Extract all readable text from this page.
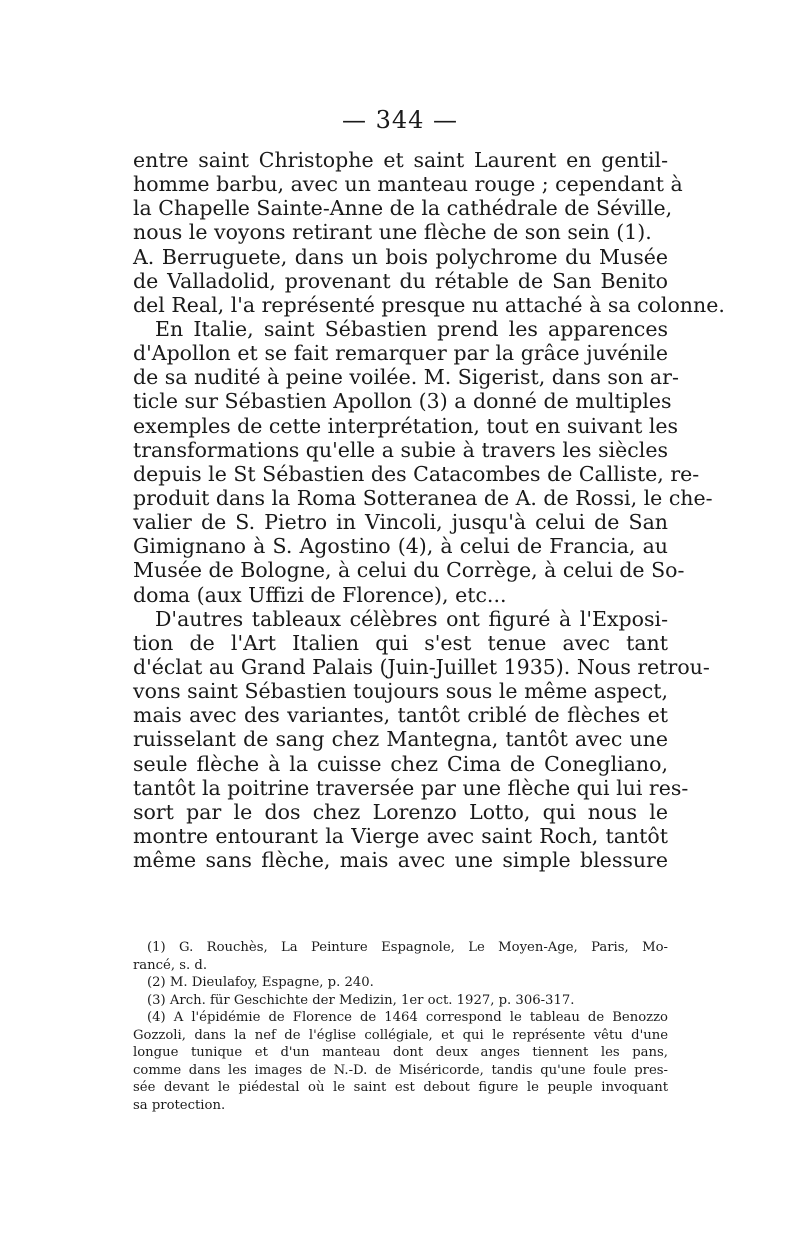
— 344 —
entre saint Christophe et saint Laurent en gentil-
homme barbu, avec un manteau rouge ; cependant à
la Chapelle Sainte-Anne de la cathédrale de Séville,
nous le voyons retirant une flèche de son sein (1).
A. Berruguete, dans un bois polychrome du Musée
de Valladolid, provenant du rétable de San Benito
del Real, l'a représenté presque nu attaché à sa colonne.
En Italie, saint Sébastien prend les apparences
d'Apollon et se fait remarquer par la grâce juvénile
de sa nudité à peine voilée. M. Sigerist, dans son ar-
ticle sur Sébastien Apollon (3) a donné de multiples
exemples de cette interprétation, tout en suivant les
transformations qu'elle a subie à travers les siècles
depuis le St Sébastien des Catacombes de Calliste, re-
produit dans la Roma Sotteranea de A. de Rossi, le che-
valier de S. Pietro in Vincoli, jusqu'à celui de San
Gimignano à S. Agostino (4), à celui de Francia, au
Musée de Bologne, à celui du Corrège, à celui de So-
doma (aux Uffizi de Florence), etc...
D'autres tableaux célèbres ont figuré à l'Exposi-
tion de l'Art Italien qui s'est tenue avec tant
d'éclat au Grand Palais (Juin-Juillet 1935). Nous retrou-
vons saint Sébastien toujours sous le même aspect,
mais avec des variantes, tantôt criblé de flèches et
ruisselant de sang chez Mantegna, tantôt avec une
seule flèche à la cuisse chez Cima de Conegliano,
tantôt la poitrine traversée par une flèche qui lui res-
sort par le dos chez Lorenzo Lotto, qui nous le
montre entourant la Vierge avec saint Roch, tantôt
même sans flèche, mais avec une simple blessure
(1) G. Rouchès, La Peinture Espagnole, Le Moyen-Age, Paris, Mo-
rancé, s. d.
(2) M. Dieulafoy, Espagne, p. 240.
(3) Arch. für Geschichte der Medizin, 1er oct. 1927, p. 306-317.
(4) A l'épidémie de Florence de 1464 correspond le tableau de Benozzo
Gozzoli, dans la nef de l'église collégiale, et qui le représente vêtu d'une
longue tunique et d'un manteau dont deux anges tiennent les pans,
comme dans les images de N.-D. de Miséricorde, tandis qu'une foule pres-
sée devant le piédestal où le saint est debout figure le peuple invoquant
sa protection.
